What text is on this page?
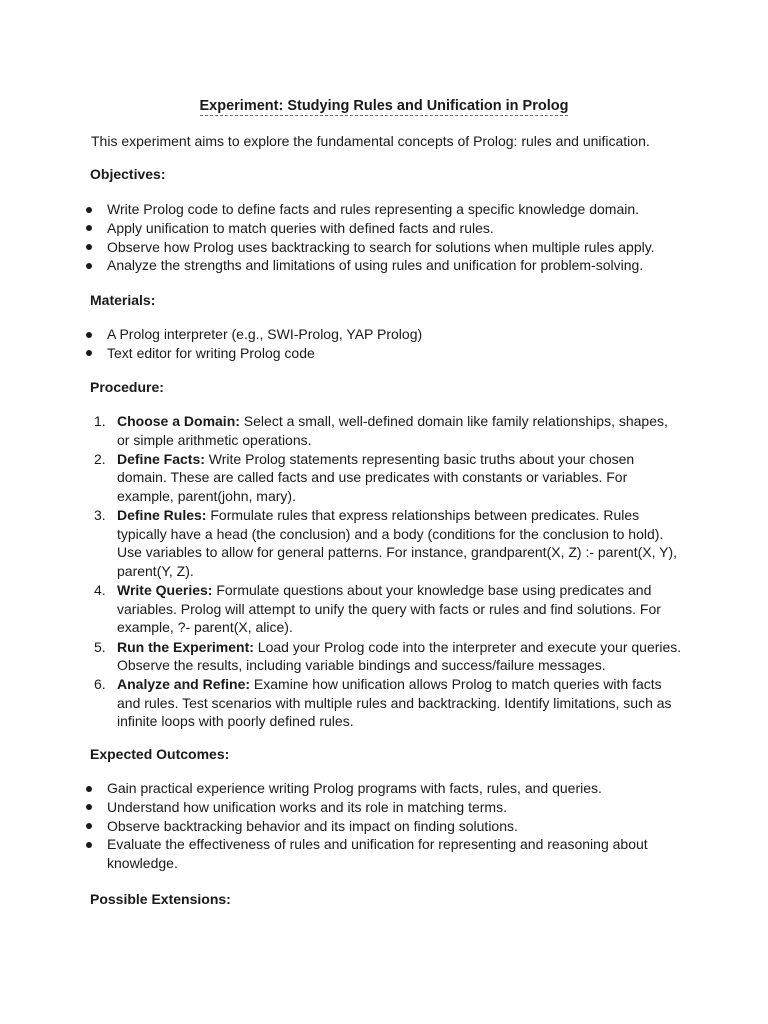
Experiment: Studying Rules and Unification in Prolog
This experiment aims to explore the fundamental concepts of Prolog: rules and unification.
Objectives:
Write Prolog code to define facts and rules representing a specific knowledge domain.
Apply unification to match queries with defined facts and rules.
Observe how Prolog uses backtracking to search for solutions when multiple rules apply.
Analyze the strengths and limitations of using rules and unification for problem-solving.
Materials:
A Prolog interpreter (e.g., SWI-Prolog, YAP Prolog)
Text editor for writing Prolog code
Procedure:
1. Choose a Domain: Select a small, well-defined domain like family relationships, shapes, or simple arithmetic operations.
2. Define Facts: Write Prolog statements representing basic truths about your chosen domain. These are called facts and use predicates with constants or variables. For example, parent(john, mary).
3. Define Rules: Formulate rules that express relationships between predicates. Rules typically have a head (the conclusion) and a body (conditions for the conclusion to hold). Use variables to allow for general patterns. For instance, grandparent(X, Z) :- parent(X, Y), parent(Y, Z).
4. Write Queries: Formulate questions about your knowledge base using predicates and variables. Prolog will attempt to unify the query with facts or rules and find solutions. For example, ?- parent(X, alice).
5. Run the Experiment: Load your Prolog code into the interpreter and execute your queries. Observe the results, including variable bindings and success/failure messages.
6. Analyze and Refine: Examine how unification allows Prolog to match queries with facts and rules. Test scenarios with multiple rules and backtracking. Identify limitations, such as infinite loops with poorly defined rules.
Expected Outcomes:
Gain practical experience writing Prolog programs with facts, rules, and queries.
Understand how unification works and its role in matching terms.
Observe backtracking behavior and its impact on finding solutions.
Evaluate the effectiveness of rules and unification for representing and reasoning about knowledge.
Possible Extensions:
